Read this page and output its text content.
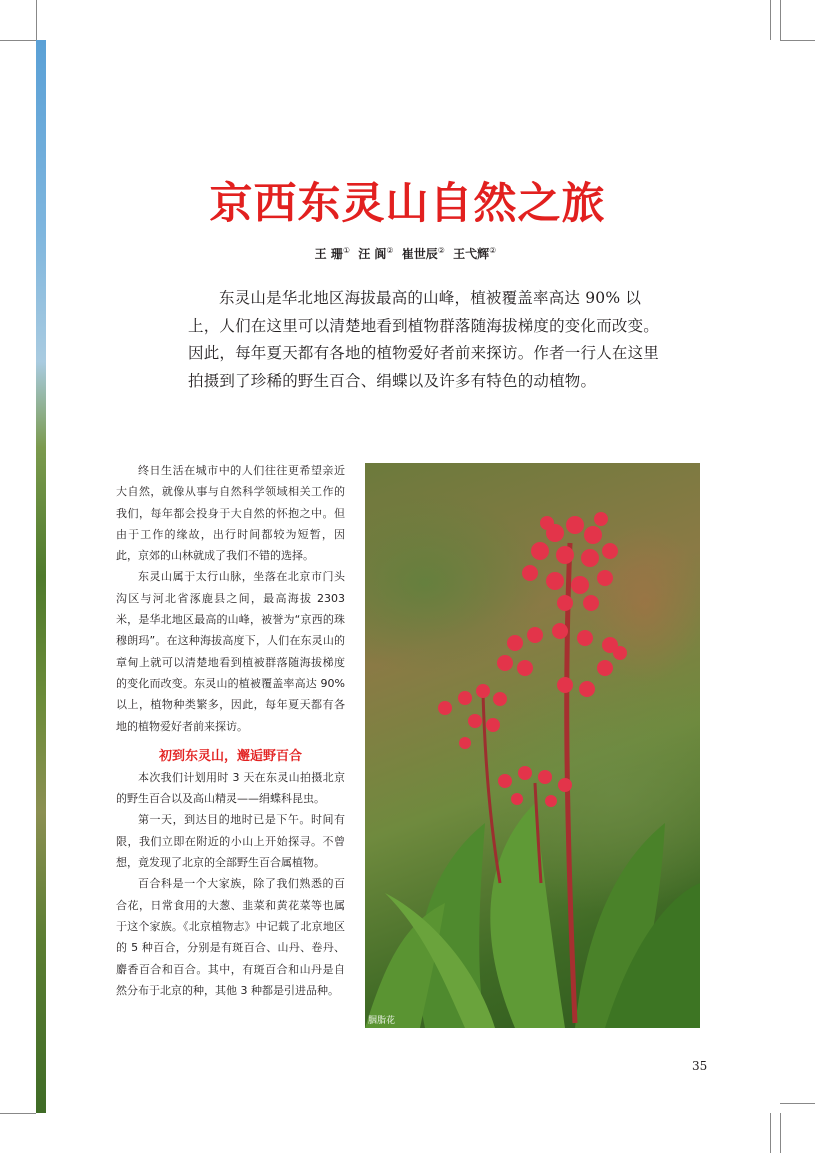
京西东灵山自然之旅

王 珊① 汪 阆② 崔世辰② 王弋辉②

东灵山是华北地区海拔最高的山峰，植被覆盖率高达 90% 以上，人们在这里可以清楚地看到植物群落随海拔梯度的变化而改变。因此，每年夏天都有各地的植物爱好者前来探访。作者一行人在这里拍摄到了珍稀的野生百合、绢蝶以及许多有特色的动植物。

终日生活在城市中的人们往往更希望亲近大自然，就像从事与自然科学领域相关工作的我们，每年都会投身于大自然的怀抱之中。但由于工作的缘故，出行时间都较为短暂，因此，京郊的山林就成了我们不错的选择。

东灵山属于太行山脉，坐落在北京市门头沟区与河北省涿鹿县之间，最高海拔 2303 米，是华北地区最高的山峰，被誉为“京西的珠穆朗玛”。在这种海拔高度下，人们在东灵山的章甸上就可以清楚地看到植被群落随海拔梯度的变化而改变。东灵山的植被覆盖率高达 90% 以上，植物种类繁多，因此，每年夏天都有各地的植物爱好者前来探访。

初到东灵山，邂逅野百合

本次我们计划用时 3 天在东灵山拍摄北京的野生百合以及高山精灵——绢蝶科昆虫。

第一天，到达目的地时已是下午。时间有限，我们立即在附近的小山上开始探寻。不曾想，竟发现了北京的全部野生百合属植物。

百合科是一个大家族，除了我们熟悉的百合花，日常食用的大葱、韭菜和黄花菜等也属于这个家族。《北京植物志》中记载了北京地区的 5 种百合，分别是有斑百合、山丹、卷丹、麝香百合和百合。其中，有斑百合和山丹是自然分布于北京的种，其他 3 种都是引进品种。

胭脂花
35
